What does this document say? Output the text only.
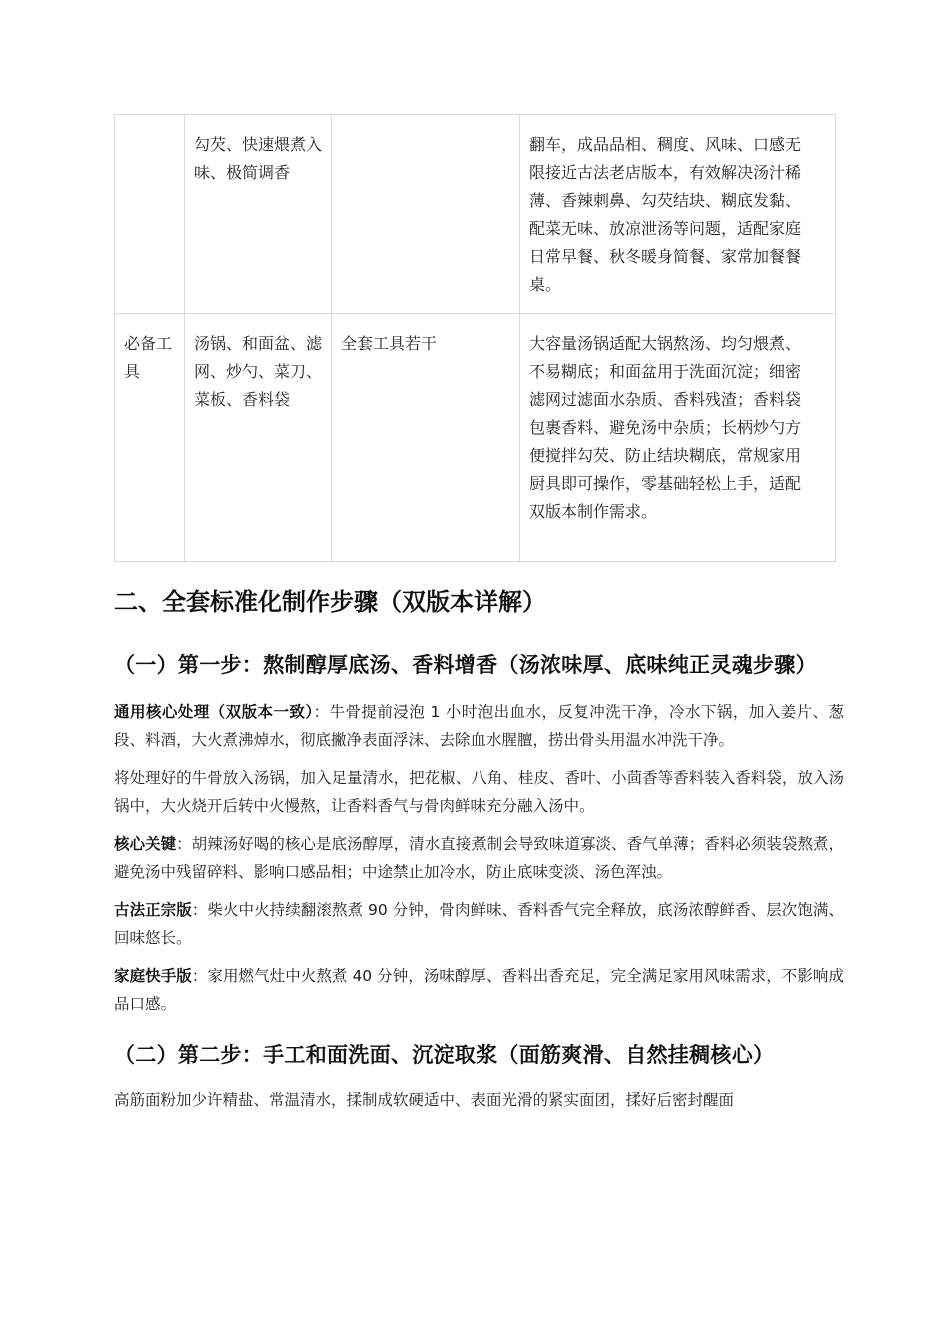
	勾芡、快速煨煮入味、极简调香		翻车，成品品相、稠度、风味、口感无限接近古法老店版本，有效解决汤汁稀薄、香辣刺鼻、勾芡结块、糊底发黏、配菜无味、放凉泄汤等问题，适配家庭日常早餐、秋冬暖身简餐、家常加餐餐桌。
必备工具	汤锅、和面盆、滤网、炒勺、菜刀、菜板、香料袋	全套工具若干	大容量汤锅适配大锅熬汤、均匀煨煮、不易糊底；和面盆用于洗面沉淀；细密滤网过滤面水杂质、香料残渣；香料袋包裹香料、避免汤中杂质；长柄炒勺方便搅拌勾芡、防止结块糊底，常规家用厨具即可操作，零基础轻松上手，适配双版本制作需求。
二、全套标准化制作步骤（双版本详解）
（一）第一步：熬制醇厚底汤、香料增香（汤浓味厚、底味纯正灵魂步骤）

通用核心处理（双版本一致）：牛骨提前浸泡 1 小时泡出血水，反复冲洗干净，冷水下锅，加入姜片、葱段、料酒，大火煮沸焯水，彻底撇净表面浮沫、去除血水腥膻，捞出骨头用温水冲洗干净。

将处理好的牛骨放入汤锅，加入足量清水，把花椒、八角、桂皮、香叶、小茴香等香料装入香料袋，放入汤锅中，大火烧开后转中火慢熬，让香料香气与骨肉鲜味充分融入汤中。

核心关键：胡辣汤好喝的核心是底汤醇厚，清水直接煮制会导致味道寡淡、香气单薄；香料必须装袋熬煮，避免汤中残留碎料、影响口感品相；中途禁止加冷水，防止底味变淡、汤色浑浊。

古法正宗版：柴火中火持续翻滚熬煮 90 分钟，骨肉鲜味、香料香气完全释放，底汤浓醇鲜香、层次饱满、回味悠长。

家庭快手版：家用燃气灶中火熬煮 40 分钟，汤味醇厚、香料出香充足，完全满足家用风味需求，不影响成品口感。

（二）第二步：手工和面洗面、沉淀取浆（面筋爽滑、自然挂稠核心）

高筋面粉加少许精盐、常温清水，揉制成软硬适中、表面光滑的紧实面团，揉好后密封醒面
